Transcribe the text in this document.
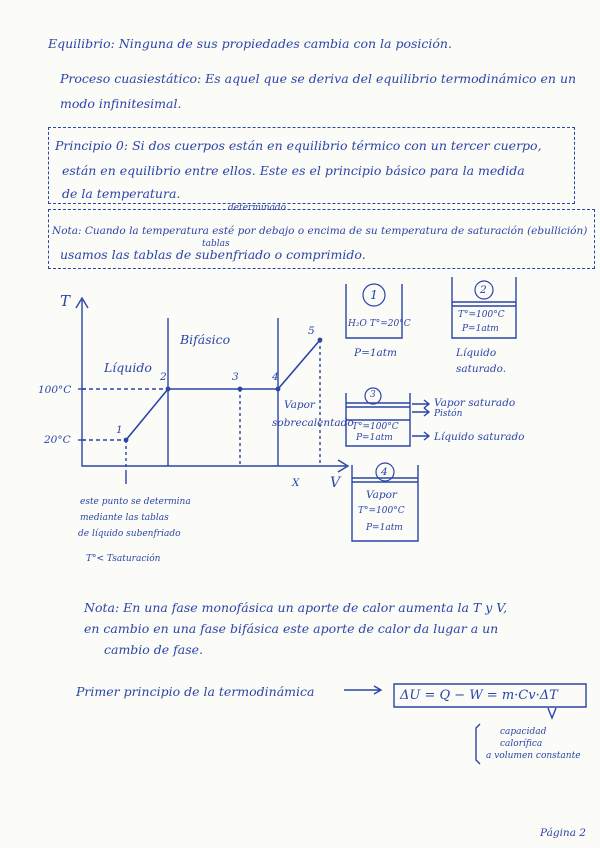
Equilibrio: Ninguna de sus propiedades cambia con la posición.
Proceso cuasiestático: Es aquel que se deriva del equilibrio termodinámico en un
modo infinitesimal.
Principio 0: Si dos cuerpos están en equilibrio térmico con un tercer cuerpo,
están en equilibrio entre ellos. Este es el principio básico para la medida
de la temperatura.
determinado
Nota: Cuando la temperatura esté por debajo o encima de su temperatura de saturación (ebullición)
tablas
usamos las tablas de subenfriado o comprimido.
T
V
100°C
20°C
Líquido
Bifásico
Vapor
sobrecalentado
1
2	3	4
5
X
este punto se determina
mediante las tablas
de líquido subenfriado
T°< Tsaturación
1
H₂O T°=20°C
P=1atm
2
T°=100°C
P=1atm
Líquido
saturado.
3
T°=100°C
P=1atm
Vapor saturado
Pistón
Líquido saturado
4
Vapor
T°=100°C
P=1atm
Nota: En una fase monofásica un aporte de calor aumenta la T y V,
en cambio en una fase bifásica este aporte de calor da lugar a un
cambio de fase.
Primer principio de la termodinámica	ΔU = Q − W = m·Cv·ΔT
capacidad
calorífica
a volumen constante
Página 2
